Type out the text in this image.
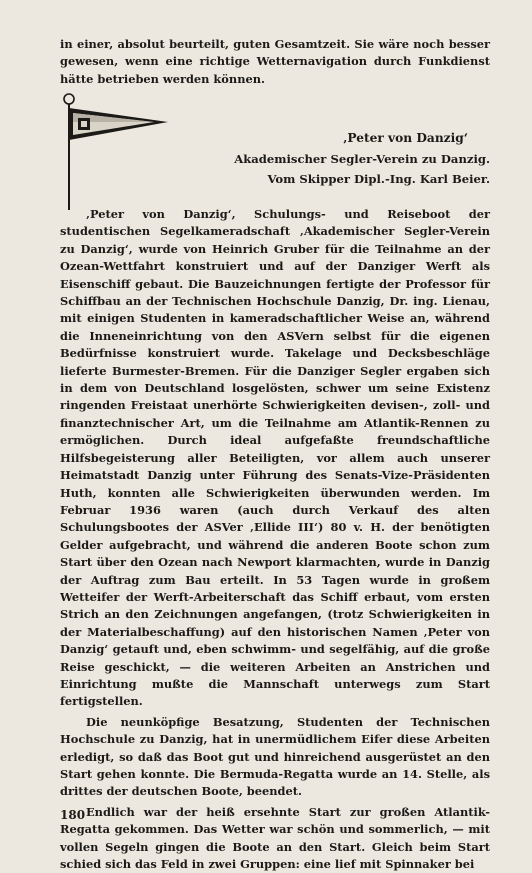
in einer, absolut beurteilt, guten Gesamtzeit. Sie wäre noch besser gewesen, wenn eine richtige Wetternavigation durch Funkdienst hätte betrieben werden können.

‚Peter von Danzig‘
Akademischer Segler-Verein zu Danzig.
Vom Skipper Dipl.-Ing. Karl Beier.

‚Peter von Danzig‘, Schulungs- und Reiseboot der studentischen Segelkameradschaft ‚Akademischer Segler-Verein zu Danzig‘, wurde von Heinrich Gruber für die Teilnahme an der Ozean-Wettfahrt konstruiert und auf der Danziger Werft als Eisenschiff gebaut. Die Bauzeichnungen fertigte der Professor für Schiffbau an der Technischen Hochschule Danzig, Dr. ing. Lienau, mit einigen Studenten in kameradschaftlicher Weise an, während die Inneneinrichtung von den ASVern selbst für die eigenen Bedürfnisse konstruiert wurde. Takelage und Decksbeschläge lieferte Burmester-Bremen. Für die Danziger Segler ergaben sich in dem von Deutschland losgelösten, schwer um seine Existenz ringenden Freistaat unerhörte Schwierigkeiten devisen-, zoll- und finanztechnischer Art, um die Teilnahme am Atlantik-Rennen zu ermöglichen. Durch ideal aufgefaßte freundschaftliche Hilfsbegeisterung aller Beteiligten, vor allem auch unserer Heimatstadt Danzig unter Führung des Senats-Vize-Präsidenten Huth, konnten alle Schwierigkeiten überwunden werden. Im Februar 1936 waren (auch durch Verkauf des alten Schulungsbootes der ASVer ‚Ellide III‘) 80 v. H. der benötigten Gelder aufgebracht, und während die anderen Boote schon zum Start über den Ozean nach Newport klarmachten, wurde in Danzig der Auftrag zum Bau erteilt. In 53 Tagen wurde in großem Wetteifer der Werft-Arbeiterschaft das Schiff erbaut, vom ersten Strich an den Zeichnungen angefangen, (trotz Schwierigkeiten in der Materialbeschaffung) auf den historischen Namen ‚Peter von Danzig‘ getauft und, eben schwimm- und segelfähig, auf die große Reise geschickt, — die weiteren Arbeiten an Anstrichen und Einrichtung mußte die Mannschaft unterwegs zum Start fertigstellen.

Die neunköpfige Besatzung, Studenten der Technischen Hochschule zu Danzig, hat in unermüdlichem Eifer diese Arbeiten erledigt, so daß das Boot gut und hinreichend ausgerüstet an den Start gehen konnte. Die Bermuda-Regatta wurde an 14. Stelle, als drittes der deutschen Boote, beendet.

Endlich war der heiß ersehnte Start zur großen Atlantik-Regatta gekommen. Das Wetter war schön und sommerlich, — mit vollen Segeln gingen die Boote an den Start. Gleich beim Start schied sich das Feld in zwei Gruppen: eine lief mit Spinnaker bei

180
